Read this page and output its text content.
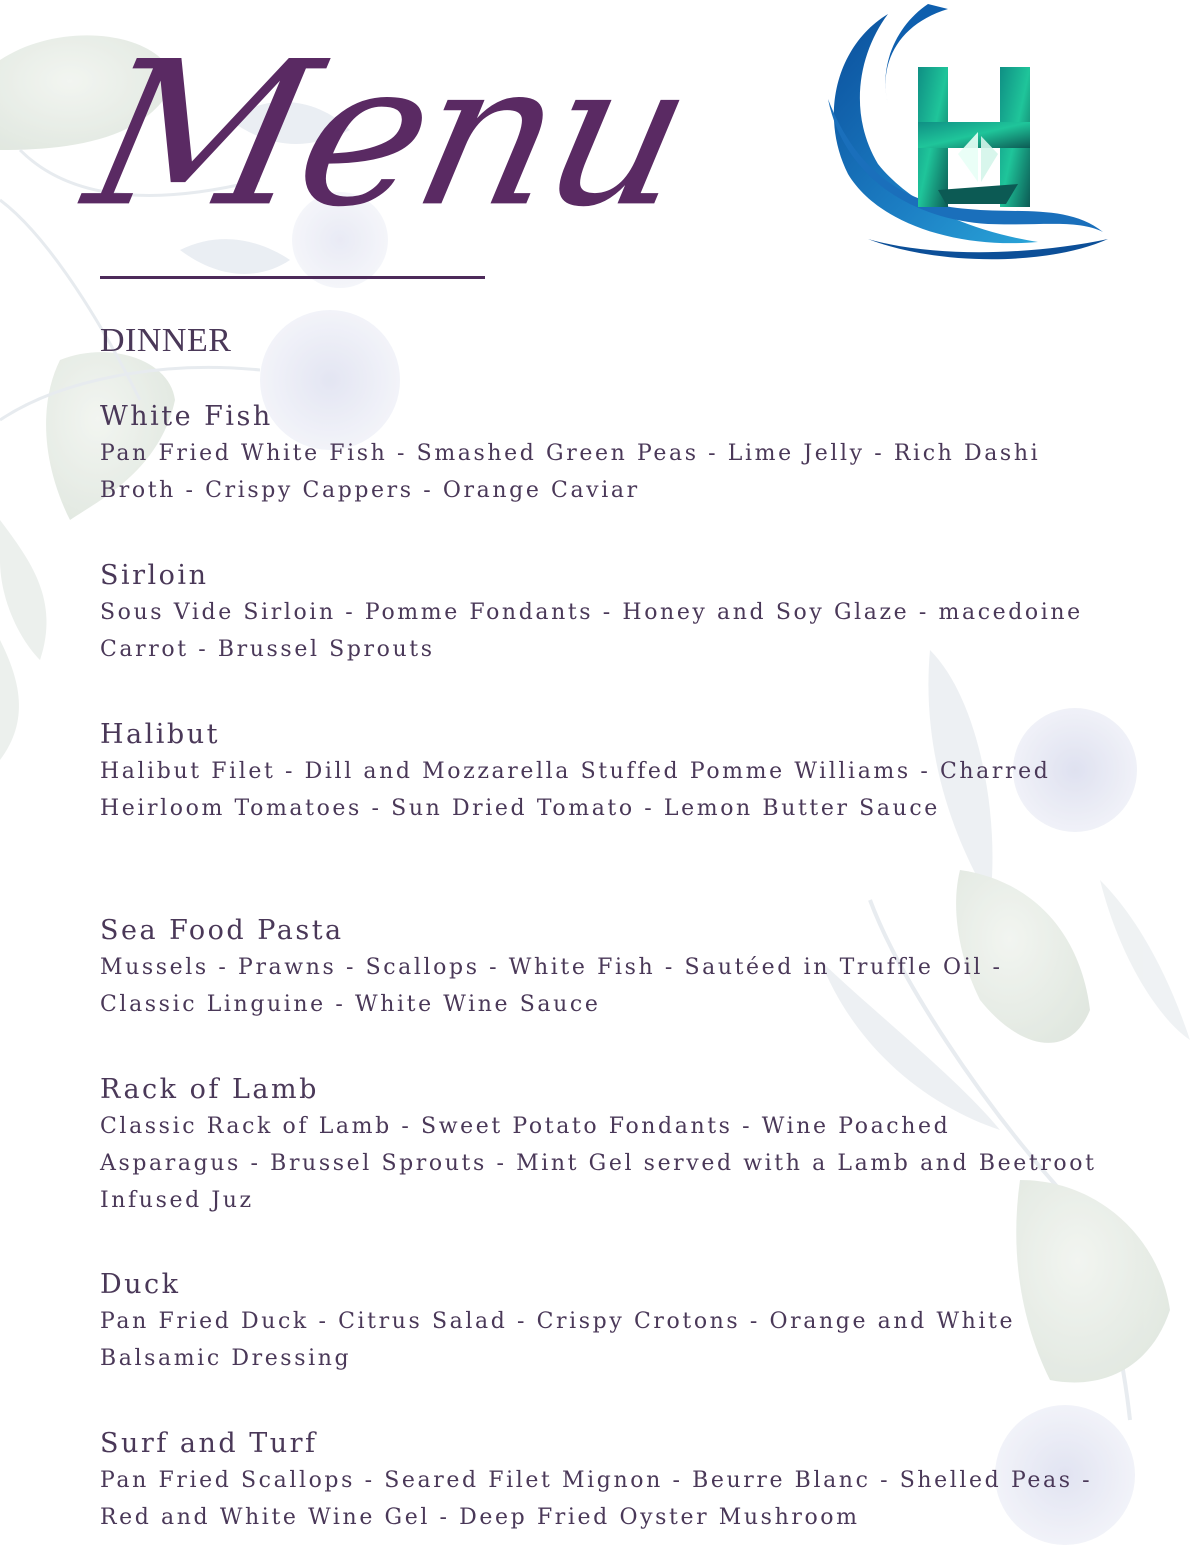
Menu
H
DINNER
White Fish
Pan Fried White Fish - Smashed Green Peas - Lime Jelly - Rich Dashi Broth - Crispy Cappers - Orange Caviar
Sirloin
Sous Vide Sirloin - Pomme Fondants - Honey and Soy Glaze - macedoine Carrot - Brussel Sprouts
Halibut
Halibut Filet - Dill and Mozzarella Stuffed Pomme Williams - Charred Heirloom Tomatoes - Sun Dried Tomato - Lemon Butter Sauce
Sea Food Pasta
Mussels - Prawns - Scallops - White Fish - Sautéed in Truffle Oil - Classic Linguine - White Wine Sauce
Rack of Lamb
Classic Rack of Lamb - Sweet Potato Fondants - Wine Poached Asparagus - Brussel Sprouts - Mint Gel served with a Lamb and Beetroot Infused Juz
Duck
Pan Fried Duck - Citrus Salad - Crispy Crotons - Orange and White Balsamic Dressing
Surf and Turf
Pan Fried Scallops - Seared Filet Mignon - Beurre Blanc - Shelled Peas - Red and White Wine Gel - Deep Fried Oyster Mushroom
